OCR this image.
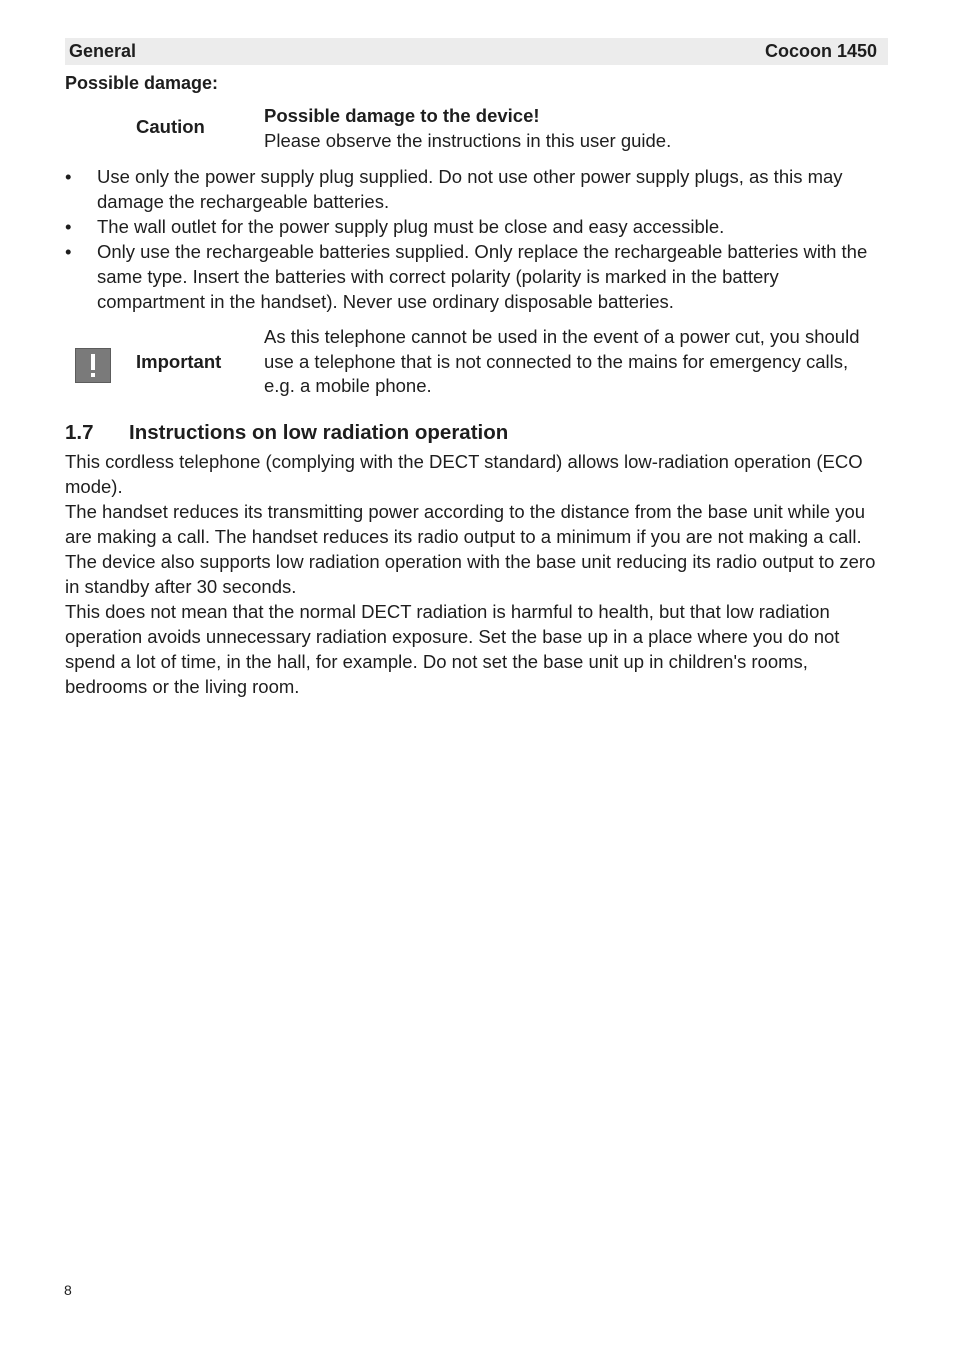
General	Cocoon 1450
Possible damage:
Caution
Possible damage to the device!
Please observe the instructions in this user guide.
• Use only the power supply plug supplied. Do not use other power supply plugs, as this may damage the rechargeable batteries.
• The wall outlet for the power supply plug must be close and easy accessible.
• Only use the rechargeable batteries supplied. Only replace the rechargeable batteries with the same type. Insert the batteries with correct polarity (polarity is marked in the battery compartment in the handset). Never use ordinary disposable batteries.
Important
As this telephone cannot be used in the event of a power cut, you should use a telephone that is not connected to the mains for emergency calls, e.g. a mobile phone.
1.7 Instructions on low radiation operation

This cordless telephone (complying with the DECT standard) allows low-radiation operation (ECO mode).

The handset reduces its transmitting power according to the distance from the base unit while you are making a call. The handset reduces its radio output to a minimum if you are not making a call.

The device also supports low radiation operation with the base unit reducing its radio output to zero in standby after 30 seconds.

This does not mean that the normal DECT radiation is harmful to health, but that low radiation operation avoids unnecessary radiation exposure. Set the base up in a place where you do not spend a lot of time, in the hall, for example. Do not set the base unit up in children's rooms, bedrooms or the living room.

8
